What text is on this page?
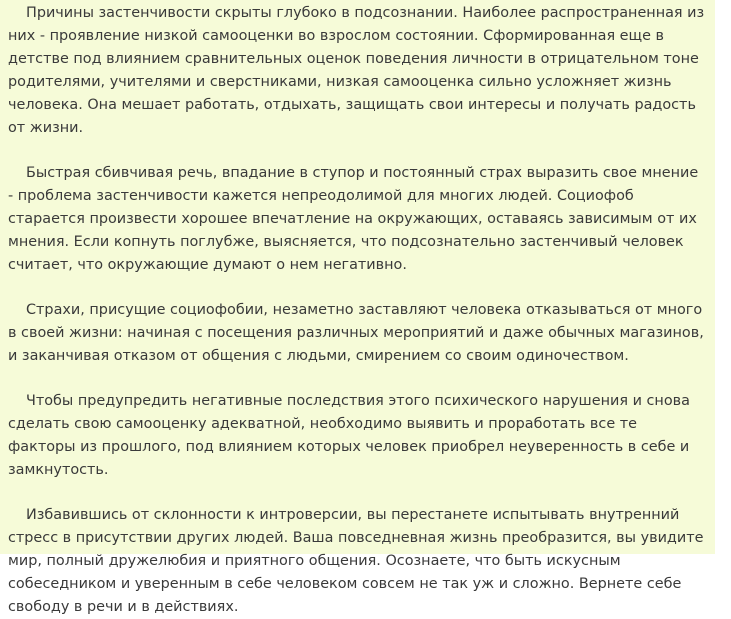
Причины застенчивости скрыты глубоко в подсознании. Наиболее распространенная из них - проявление низкой самооценки во взрослом состоянии. Сформированная еще в детстве под влиянием сравнительных оценок поведения личности в отрицательном тоне родителями, учителями и сверстниками, низкая самооценка сильно усложняет жизнь человека. Она мешает работать, отдыхать, защищать свои интересы и получать радость от жизни.

Быстрая сбивчивая речь, впадание в ступор и постоянный страх выразить свое мнение - проблема застенчивости кажется непреодолимой для многих людей. Социофоб старается произвести хорошее впечатление на окружающих, оставаясь зависимым от их мнения. Если копнуть поглубже, выясняется, что подсознательно застенчивый человек считает, что окружающие думают о нем негативно.

Страхи, присущие социофобии, незаметно заставляют человека отказываться от много в своей жизни: начиная с посещения различных мероприятий и даже обычных магазинов, и заканчивая отказом от общения с людьми, смирением со своим одиночеством.

Чтобы предупредить негативные последствия этого психического нарушения и снова сделать свою самооценку адекватной, необходимо выявить и проработать все те факторы из прошлого, под влиянием которых человек приобрел неуверенность в себе и замкнутость.

Избавившись от склонности к интроверсии, вы перестанете испытывать внутренний стресс в присутствии других людей. Ваша повседневная жизнь преобразится, вы увидите мир, полный дружелюбия и приятного общения. Осознаете, что быть искусным собеседником и уверенным в себе человеком совсем не так уж и сложно. Вернете себе свободу в речи и в действиях.
